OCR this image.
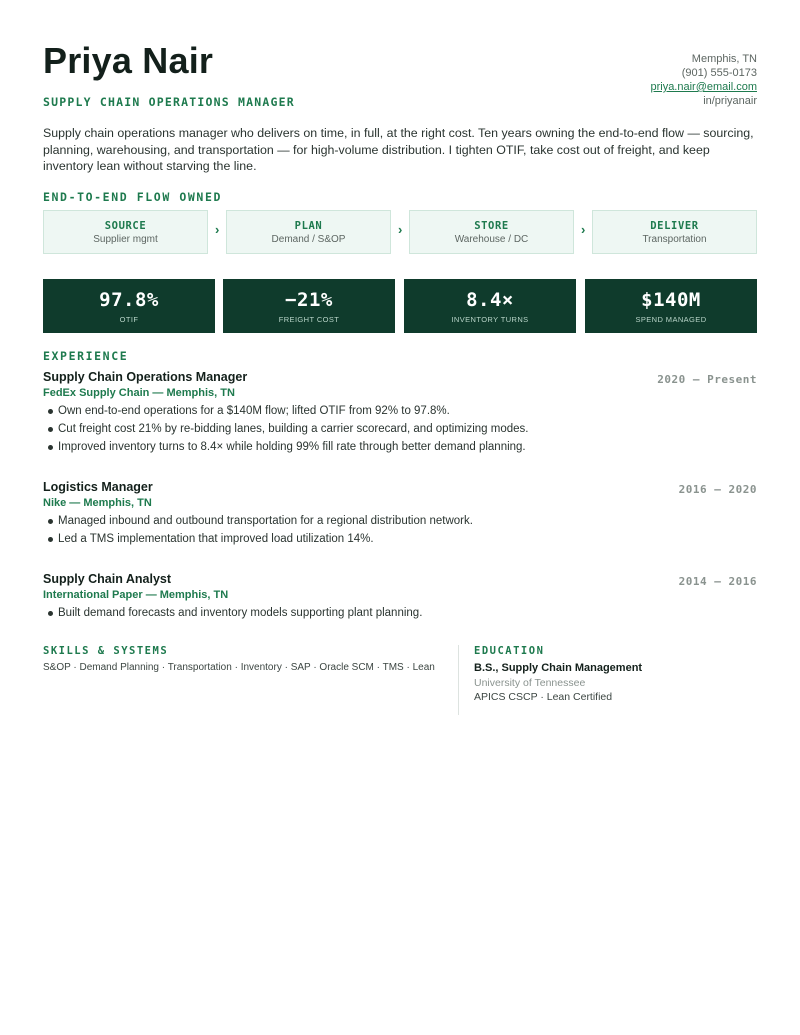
Priya Nair
SUPPLY CHAIN OPERATIONS MANAGER
Memphis, TN
(901) 555-0173
priya.nair@email.com
in/priyanair
Supply chain operations manager who delivers on time, in full, at the right cost. Ten years owning the end-to-end flow — sourcing, planning, warehousing, and transportation — for high-volume distribution. I tighten OTIF, take cost out of freight, and keep inventory lean without starving the line.
END-TO-END FLOW OWNED
SOURCE
Supplier mgmt
›	PLAN
Demand / S&OP
›	STORE
Warehouse / DC
›	DELIVER
Transportation
97.8%
OTIF
−21%
FREIGHT COST
8.4×
INVENTORY TURNS
$140M
SPEND MANAGED
EXPERIENCE
Supply Chain Operations Manager
FedEx Supply Chain — Memphis, TN
2020 — Present
Own end-to-end operations for a $140M flow; lifted OTIF from 92% to 97.8%.
Cut freight cost 21% by re-bidding lanes, building a carrier scorecard, and optimizing modes.
Improved inventory turns to 8.4× while holding 99% fill rate through better demand planning.
Logistics Manager
Nike — Memphis, TN
2016 — 2020
Managed inbound and outbound transportation for a regional distribution network.
Led a TMS implementation that improved load utilization 14%.
Supply Chain Analyst
International Paper — Memphis, TN
2014 — 2016
Built demand forecasts and inventory models supporting plant planning.
SKILLS & SYSTEMS
S&OP · Demand Planning · Transportation · Inventory · SAP · Oracle SCM · TMS · Lean
EDUCATION
B.S., Supply Chain Management
University of Tennessee
APICS CSCP · Lean Certified
